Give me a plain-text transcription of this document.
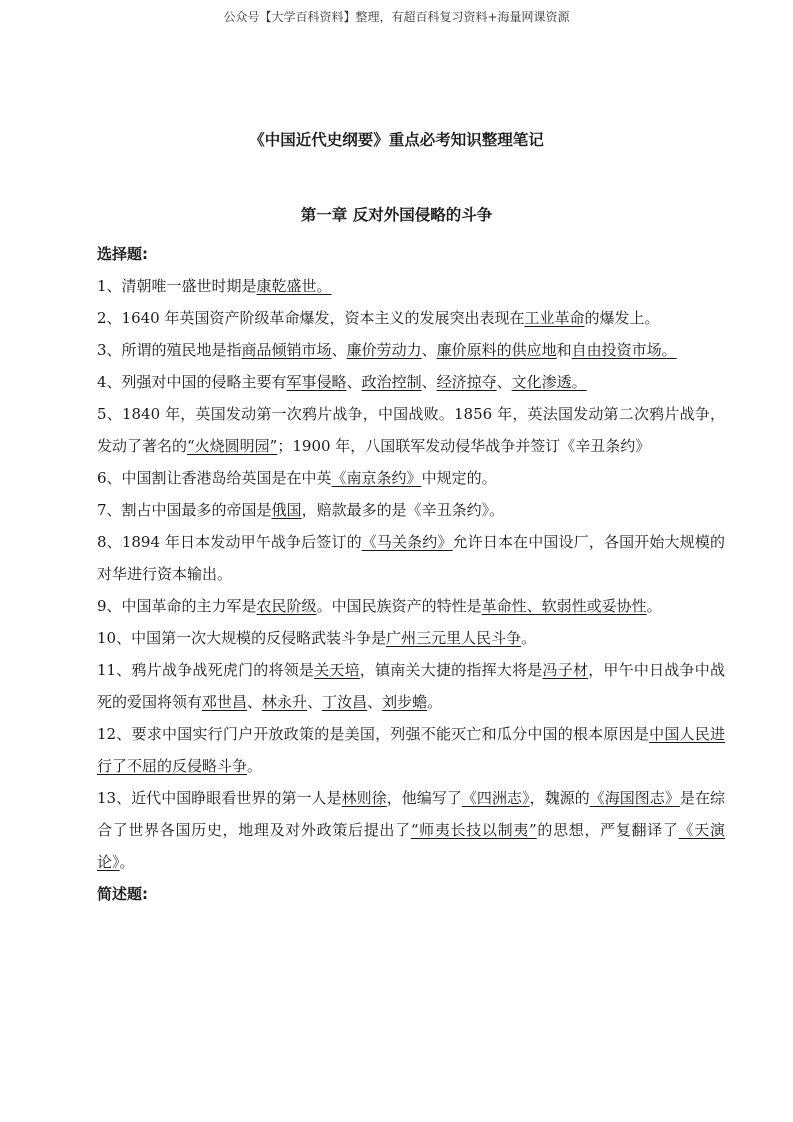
公众号【大学百科资料】整理，有超百科复习资料+海量网课资源
《中国近代史纲要》重点必考知识整理笔记
第一章 反对外国侵略的斗争
选择题:
1、清朝唯一盛世时期是康乾盛世。
2、1640 年英国资产阶级革命爆发，资本主义的发展突出表现在工业革命的爆发上。
3、所谓的殖民地是指商品倾销市场、廉价劳动力、廉价原料的供应地和自由投资市场。
4、列强对中国的侵略主要有军事侵略、政治控制、经济掠夺、文化渗透。
5、1840 年，英国发动第一次鸦片战争，中国战败。1856 年，英法国发动第二次鸦片战争，发动了著名的“火烧圆明园”；1900 年，八国联军发动侵华战争并签订《辛丑条约》
6、中国割让香港岛给英国是在中英《南京条约》中规定的。
7、割占中国最多的帝国是俄国，赔款最多的是《辛丑条约》。
8、1894 年日本发动甲午战争后签订的《马关条约》允许日本在中国设厂，各国开始大规模的对华进行资本输出。
9、中国革命的主力军是农民阶级。中国民族资产的特性是革命性、软弱性或妥协性。
10、中国第一次大规模的反侵略武装斗争是广州三元里人民斗争。
11、鸦片战争战死虎门的将领是关天培，镇南关大捷的指挥大将是冯子材，甲午中日战争中战死的爱国将领有邓世昌、林永升、丁汝昌、刘步蟾。
12、要求中国实行门户开放政策的是美国，列强不能灭亡和瓜分中国的根本原因是中国人民进行了不屈的反侵略斗争。
13、近代中国睁眼看世界的第一人是林则徐，他编写了《四洲志》，魏源的《海国图志》是在综合了世界各国历史，地理及对外政策后提出了“师夷长技以制夷”的思想，严复翻译了《天演论》。
简述题:
